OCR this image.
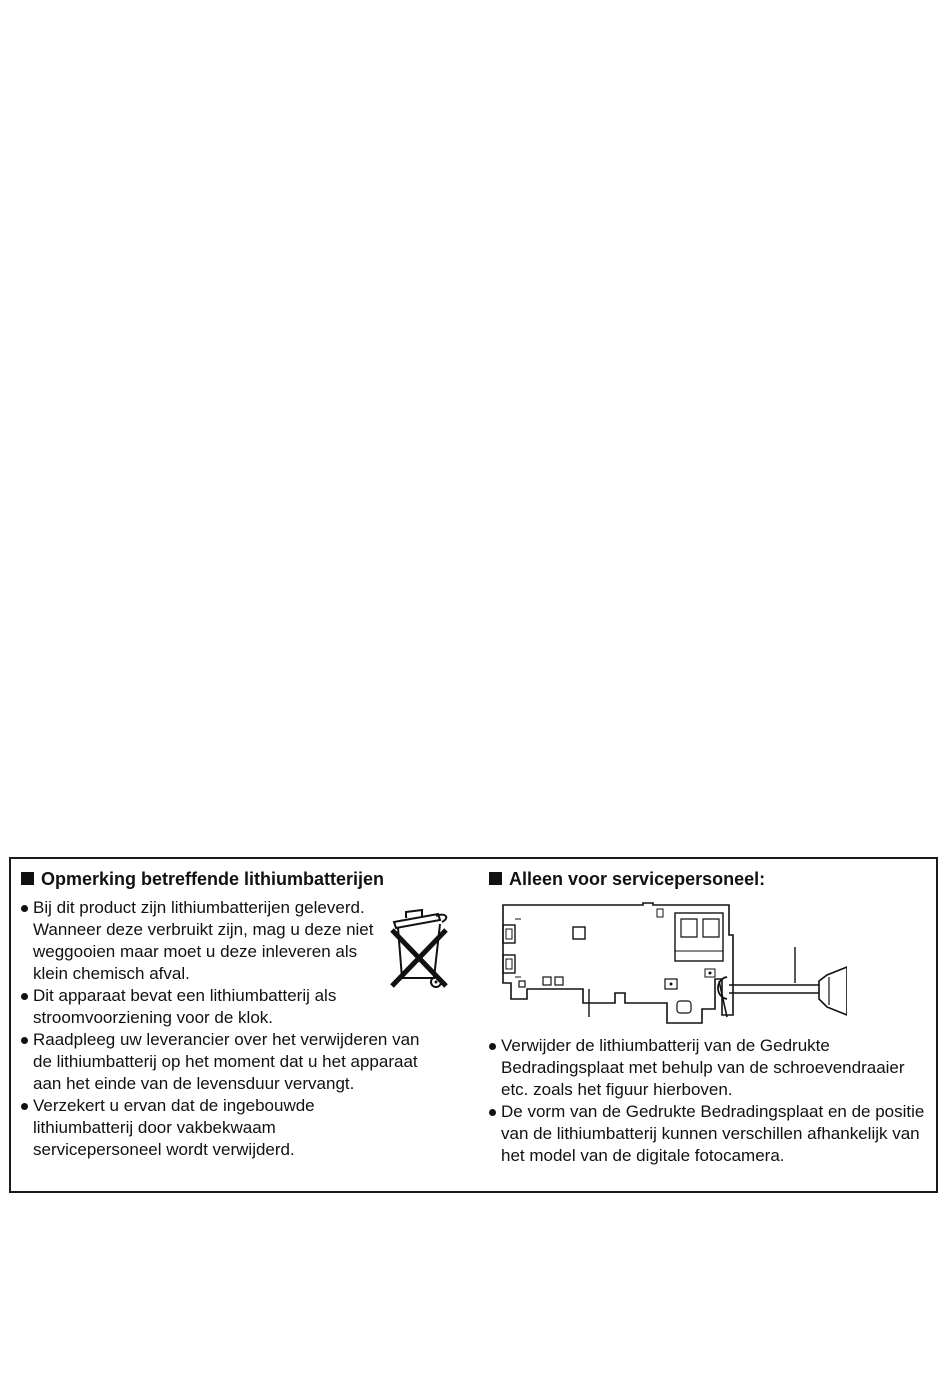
Opmerking betreffende lithiumbatterijen
Bij dit product zijn lithiumbatterijen geleverd. Wanneer deze verbruikt zijn, mag u deze niet weggooien maar moet u deze inleveren als klein chemisch afval.
Dit apparaat bevat een lithiumbatterij als stroomvoorziening voor de klok.
Raadpleeg uw leverancier over het verwijderen van de lithiumbatterij op het moment dat u het apparaat aan het einde van de levensduur vervangt.
Verzekert u ervan dat de ingebouwde lithiumbatterij door vakbekwaam servicepersoneel wordt verwijderd.
Alleen voor servicepersoneel:
Verwijder de lithiumbatterij van de Gedrukte Bedradingsplaat met behulp van de schroevendraaier etc. zoals het figuur hierboven.
De vorm van de Gedrukte Bedradingsplaat en de positie van de lithiumbatterij kunnen verschillen afhankelijk van het model van de digitale fotocamera.
